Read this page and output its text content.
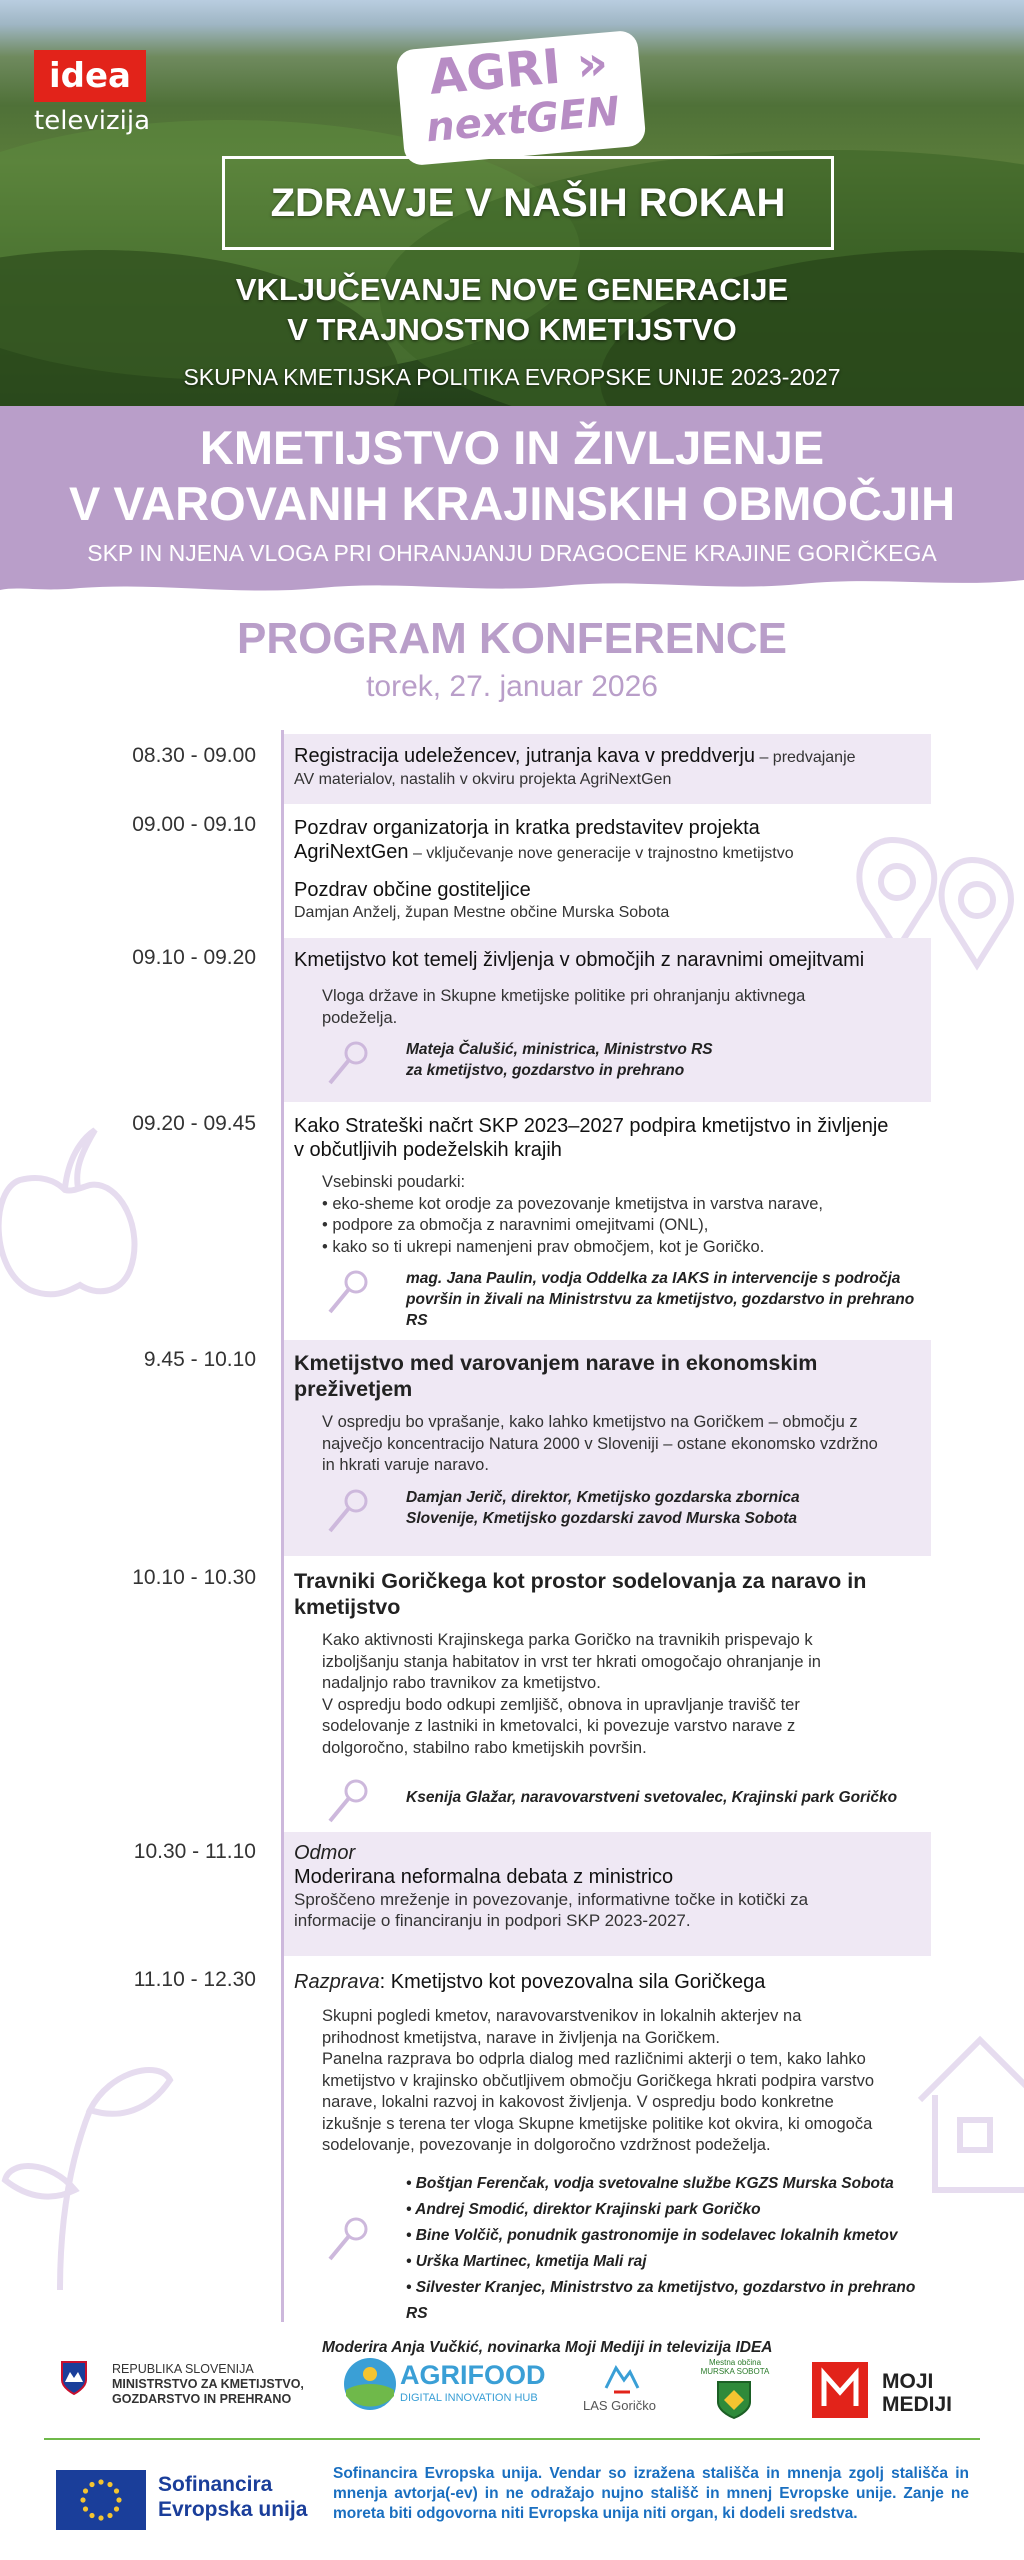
idea
televizija
AGRI »
nextGEN
ZDRAVJE V NAŠIH ROKAH
VKLJUČEVANJE NOVE GENERACIJE
V TRAJNOSTNO KMETIJSTVO
SKUPNA KMETIJSKA POLITIKA EVROPSKE UNIJE 2023-2027
KMETIJSTVO IN ŽIVLJENJE
V VAROVANIH KRAJINSKIH OBMOČJIH
SKP IN NJENA VLOGA PRI OHRANJANJU DRAGOCENE KRAJINE GORIČKEGA
PROGRAM KONFERENCE
torek, 27. januar 2026
08.30 - 09.00 Registracija udeležencev, jutranja kava v preddverju – predvajanje
AV materialov, nastalih v okviru projekta AgriNextGen
09.00 - 09.10 Pozdrav organizatorja in kratka predstavitev projekta
AgriNextGen – vključevanje nove generacije v trajnostno kmetijstvo
Pozdrav občine gostiteljice
Damjan Anželj, župan Mestne občine Murska Sobota
09.10 - 09.20 Kmetijstvo kot temelj življenja v območjih z naravnimi omejitvami
Vloga države in Skupne kmetijske politike pri ohranjanju aktivnega
podeželja.
Mateja Čalušić, ministrica, Ministrstvo RS
za kmetijstvo, gozdarstvo in prehrano
09.20 - 09.45 Kako Strateški načrt SKP 2023–2027 podpira kmetijstvo in življenje
v občutljivih podeželskih krajih
Vsebinski poudarki:
• eko-sheme kot orodje za povezovanje kmetijstva in varstva narave,
• podpore za območja z naravnimi omejitvami (ONL),
• kako so ti ukrepi namenjeni prav območjem, kot je Goričko.
mag. Jana Paulin, vodja Oddelka za IAKS in intervencije s področja
površin in živali na Ministrstvu za kmetijstvo, gozdarstvo in prehrano RS
9.45 - 10.10 Kmetijstvo med varovanjem narave in ekonomskim
preživetjem
V ospredju bo vprašanje, kako lahko kmetijstvo na Goričkem – območju z
največjo koncentracijo Natura 2000 v Sloveniji – ostane ekonomsko vzdržno
in hkrati varuje naravo.
Damjan Jerič, direktor, Kmetijsko gozdarska zbornica
Slovenije, Kmetijsko gozdarski zavod Murska Sobota
10.10 - 10.30 Travniki Goričkega kot prostor sodelovanja za naravo in
kmetijstvo
Kako aktivnosti Krajinskega parka Goričko na travnikih prispevajo k
izboljšanju stanja habitatov in vrst ter hkrati omogočajo ohranjanje in
nadaljnjo rabo travnikov za kmetijstvo.
V ospredju bodo odkupi zemljišč, obnova in upravljanje travišč ter
sodelovanje z lastniki in kmetovalci, ki povezuje varstvo narave z
dolgoročno, stabilno rabo kmetijskih površin.
Ksenija Glažar, naravovarstveni svetovalec, Krajinski park Goričko
10.30 - 11.10 Odmor
Moderirana neformalna debata z ministrico
Sproščeno mreženje in povezovanje, informativne točke in kotički za
informacije o financiranju in podpori SKP 2023-2027.
11.10 - 12.30 Razprava: Kmetijstvo kot povezovalna sila Goričkega
Skupni pogledi kmetov, naravovarstvenikov in lokalnih akterjev na
prihodnost kmetijstva, narave in življenja na Goričkem.
Panelna razprava bo odprla dialog med različnimi akterji o tem, kako lahko
kmetijstvo v krajinsko občutljivem območju Goričkega hkrati podpira varstvo
narave, lokalni razvoj in kakovost življenja. V ospredju bodo konkretne
izkušnje s terena ter vloga Skupne kmetijske politike kot okvira, ki omogoča
sodelovanje, povezovanje in dolgoročno vzdržnost podeželja.
• Boštjan Ferenčak, vodja svetovalne službe KGZS Murska Sobota
• Andrej Smodić, direktor Krajinski park Goričko
• Bine Volčič, ponudnik gastronomije in sodelavec lokalnih kmetov
• Urška Martinec, kmetija Mali raj
• Silvester Kranjec, Ministrstvo za kmetijstvo, gozdarstvo in prehrano RS
Moderira Anja Vučkić, novinarka Moji Mediji in televizija IDEA
REPUBLIKA SLOVENIJA
MINISTRSTVO ZA KMETIJSTVO,
GOZDARSTVO IN PREHRANO
AGRIFOOD
DIGITAL INNOVATION HUB	LAS Goričko
Mestna občina
MURSKA SOBOTA	MOJI
MEDIJI
Sofinancira
Evropska unija
Sofinancira Evropska unija. Vendar so izražena stališča in mnenja zgolj stališča in mnenja avtorja(-ev) in ne odražajo nujno stališč in mnenj Evropske unije. Zanje ne moreta biti odgovorna niti Evropska unija niti organ, ki dodeli sredstva.
